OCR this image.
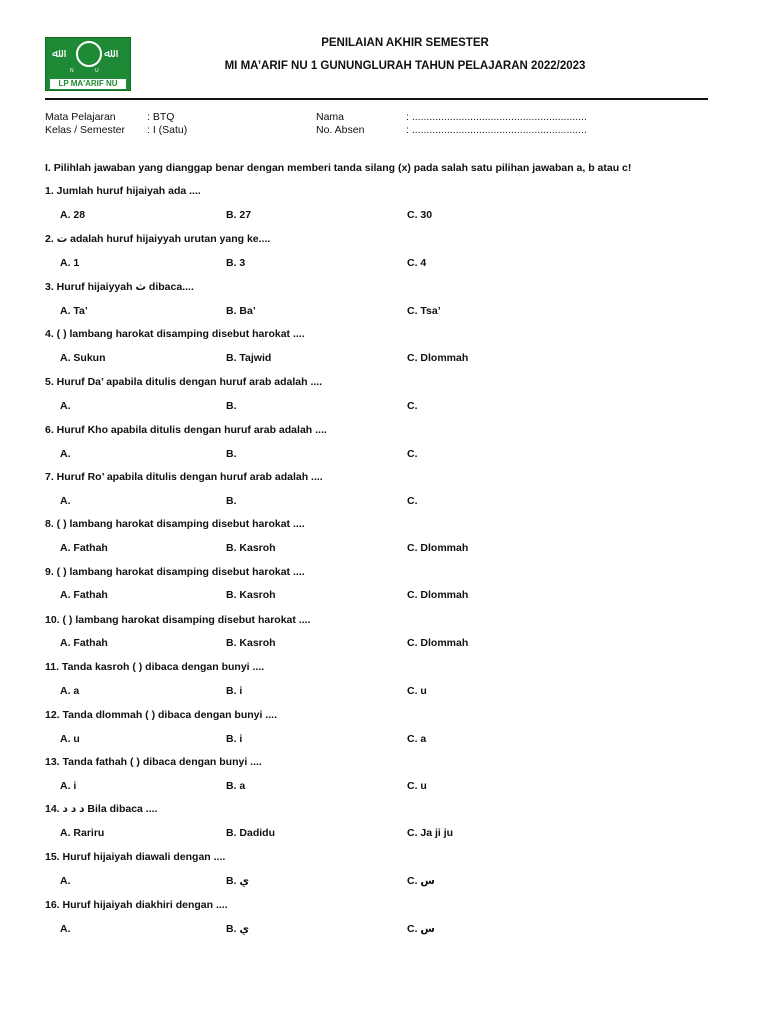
ﷲ	ﷲ
N U
LP MA'ARIF NU
PENILAIAN AKHIR SEMESTER
MI MA’ARIF NU 1 GUNUNGLURAH TAHUN PELAJARAN 2022/2023
Mata Pelajaran	: BTQ
Kelas / Semester : I (Satu)
Nama	: ............................................................
No. Absen	: ............................................................
I. Pilihlah jawaban yang dianggap benar dengan memberi tanda silang (x) pada salah satu pilihan jawaban a, b atau c!
1. Jumlah huruf hijaiyah ada ....
A. 28	B. 27	C. 30
2. ت adalah huruf hijaiyyah urutan yang ke....
A. 1	B. 3	C. 4
3. Huruf hijaiyyah ث dibaca....
A. Ta’	B. Ba’	C. Tsa’
4. ( ) lambang harokat disamping disebut harokat ....
A. Sukun	B. Tajwid	C. Dlommah
5. Huruf Da’ apabila ditulis dengan huruf arab adalah ....
A.	B.	C.
6. Huruf Kho apabila ditulis dengan huruf arab adalah ....
A.	B.	C.
7. Huruf Ro’ apabila ditulis dengan huruf arab adalah ....
A.	B.	C.
8. ( ) lambang harokat disamping disebut harokat ....
A. Fathah	B. Kasroh	C. Dlommah
9. ( ) lambang harokat disamping disebut harokat ....
A. Fathah	B. Kasroh	C. Dlommah
10. ( ) lambang harokat disamping disebut harokat ....
A. Fathah	B. Kasroh	C. Dlommah
11. Tanda kasroh ( ) dibaca dengan bunyi ....
A. a	B. i	C. u
12. Tanda dlommah ( ) dibaca dengan bunyi ....
A. u	B. i	C. a
13. Tanda fathah ( ) dibaca dengan bunyi ....
A. i	B. a	C. u
14. د د د Bila dibaca ....
A. Rariru	B. Dadidu	C. Ja ji ju
15. Huruf hijaiyah diawali dengan ....
A.	B. ي	C. س
16. Huruf hijaiyah diakhiri dengan ....
A.	B. ي	C. س
